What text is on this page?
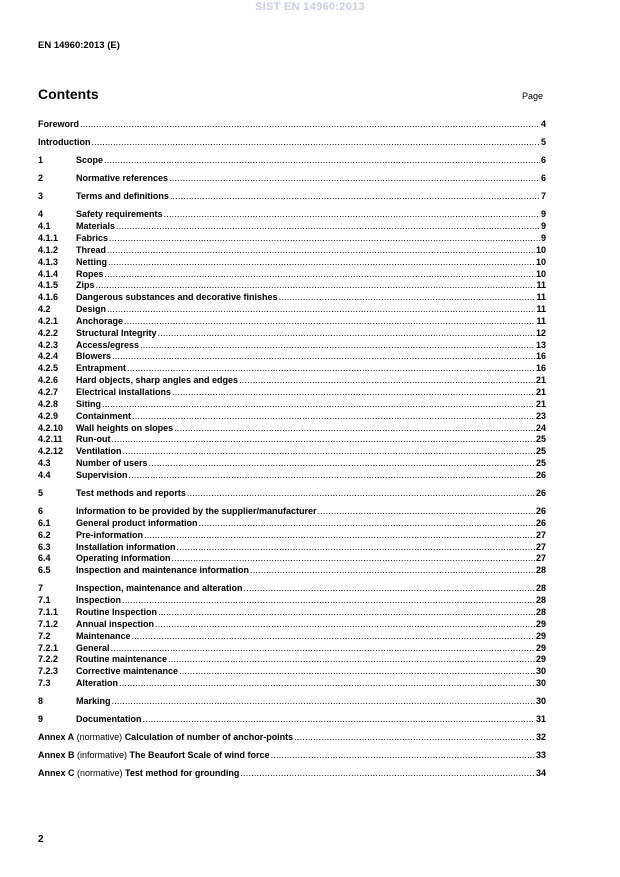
SIST EN 14960:2013
EN 14960:2013 (E)
Contents	Page
Foreword .....	4
Introduction .....	5
1	Scope .....	6
2	Normative references .....	6
3	Terms and definitions .....	7
4	Safety requirements .....	9
4.1	Materials .....	9
4.1.1	Fabrics .....	9
4.1.2	Thread .....	10
4.1.3	Netting .....	10
4.1.4	Ropes .....	10
4.1.5	Zips .....	11
4.1.6	Dangerous substances and decorative finishes .....	11
4.2	Design .....	11
4.2.1	Anchorage .....	11
4.2.2	Structural Integrity .....	12
4.2.3	Access/egress .....	13
4.2.4	Blowers .....	16
4.2.5	Entrapment .....	16
4.2.6	Hard objects, sharp angles and edges .....	21
4.2.7	Electrical installations .....	21
4.2.8	Siting .....	21
4.2.9	Containment .....	23
4.2.10	Wall heights on slopes .....	24
4.2.11	Run-out .....	25
4.2.12	Ventilation .....	25
4.3	Number of users .....	25
4.4	Supervision .....	26
5	Test methods and reports .....	26
6	Information to be provided by the supplier/manufacturer .....	26
6.1	General product information .....	26
6.2	Pre-information .....	27
6.3	Installation information .....	27
6.4	Operating information .....	27
6.5	Inspection and maintenance information .....	28
7	Inspection, maintenance and alteration .....	28
7.1	Inspection .....	28
7.1.1	Routine Inspection .....	28
7.1.2	Annual inspection .....	29
7.2	Maintenance .....	29
7.2.1	General .....	29
7.2.2	Routine maintenance .....	29
7.2.3	Corrective maintenance .....	30
7.3	Alteration .....	30
8	Marking .....	30
9	Documentation .....	31
Annex A (normative) Calculation of number of anchor-points .....	32
Annex B (informative) The Beaufort Scale of wind force .....	33
Annex C (normative) Test method for grounding .....	34
2
